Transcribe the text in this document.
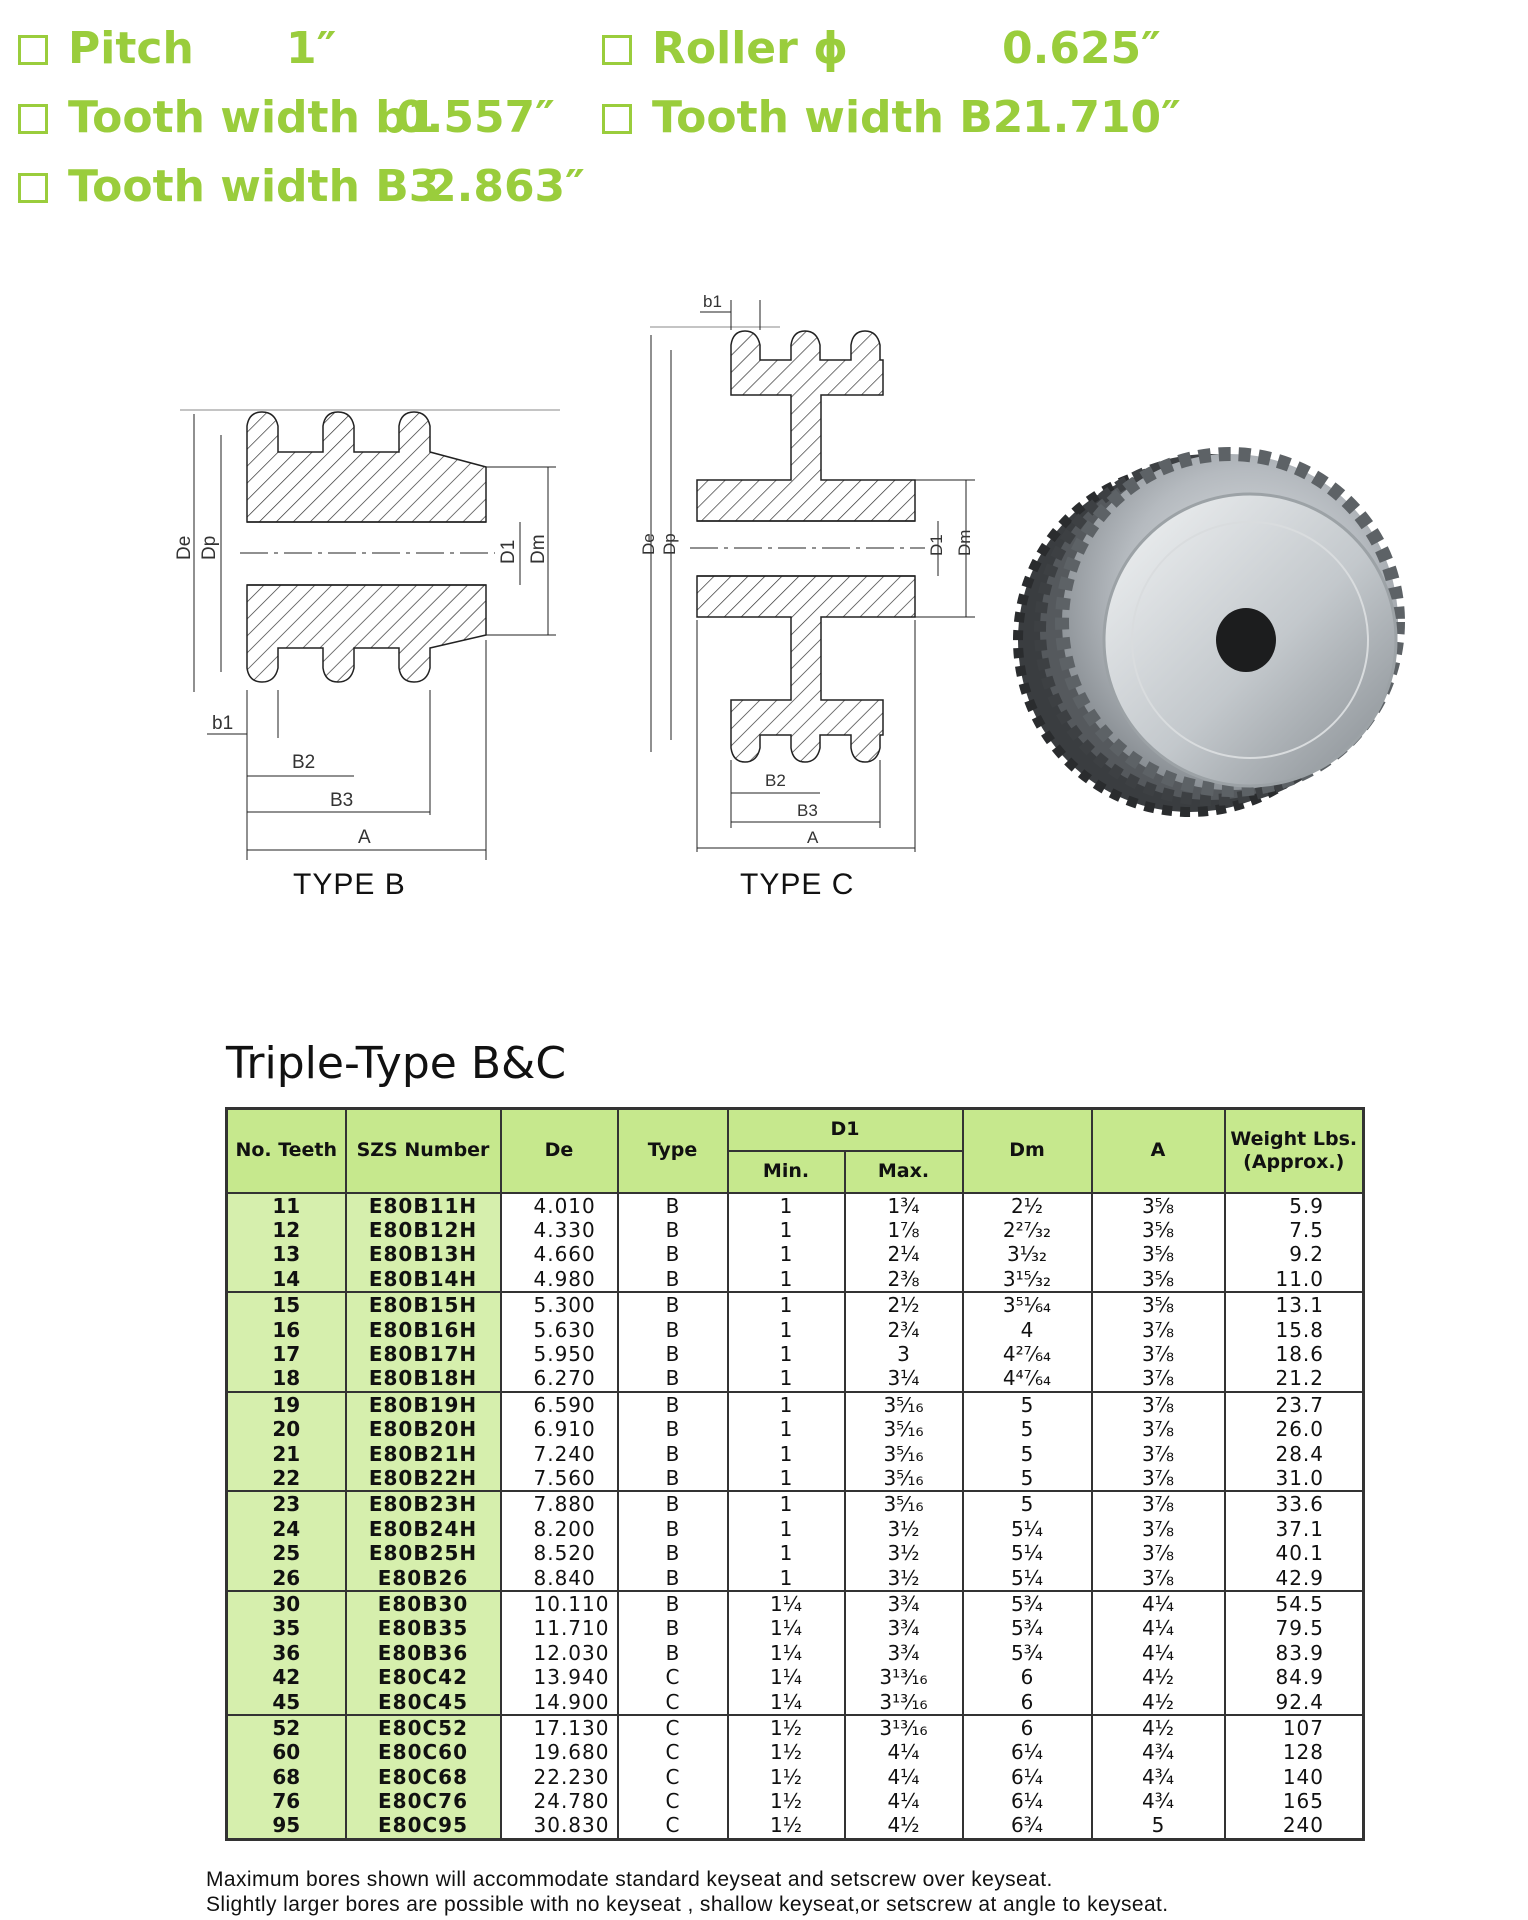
Pitch 1″	Roller ϕ	0.625″
Tooth width b1
0.557″	Tooth width B2
1.710″
Tooth width B3
2.863″
De Dp	D1 Dm
b1
B2
B3
A
De Dp	D1 Dm
b1
B2
B3
A
TYPE B	TYPE C
Triple-Type B&C
No. Teeth	SZS Number	De	Type	D1		Dm	A	Weight Lbs. (Approx.)
				Min.	Max.			
11	E80B11H	4.010	B	1	1¾	2½	3⅝	5.9
12	E80B12H	4.330	B	1	1⅞	2²⁷⁄₃₂	3⅝	7.5
13	E80B13H	4.660	B	1	2¼	3⅟₃₂	3⅝	9.2
14	E80B14H	4.980	B	1	2⅜	3¹⁵⁄₃₂	3⅝	11.0
15	E80B15H	5.300	B	1	2½	3⁵¹⁄₆₄	3⅝	13.1
16	E80B16H	5.630	B	1	2¾	4	3⅞	15.8
17	E80B17H	5.950	B	1	3	4²⁷⁄₆₄	3⅞	18.6
18	E80B18H	6.270	B	1	3¼	4⁴⁷⁄₆₄	3⅞	21.2
19	E80B19H	6.590	B	1	3⁵⁄₁₆	5	3⅞	23.7
20	E80B20H	6.910	B	1	3⁵⁄₁₆	5	3⅞	26.0
21	E80B21H	7.240	B	1	3⁵⁄₁₆	5	3⅞	28.4
22	E80B22H	7.560	B	1	3⁵⁄₁₆	5	3⅞	31.0
23	E80B23H	7.880	B	1	3⁵⁄₁₆	5	3⅞	33.6
24	E80B24H	8.200	B	1	3½	5¼	3⅞	37.1
25	E80B25H	8.520	B	1	3½	5¼	3⅞	40.1
26	E80B26	8.840	B	1	3½	5¼	3⅞	42.9
30	E80B30	10.110	B	1¼	3¾	5¾	4¼	54.5
35	E80B35	11.710	B	1¼	3¾	5¾	4¼	79.5
36	E80B36	12.030	B	1¼	3¾	5¾	4¼	83.9
42	E80C42	13.940	C	1¼	3¹³⁄₁₆	6	4½	84.9
45	E80C45	14.900	C	1¼	3¹³⁄₁₆	6	4½	92.4
52	E80C52	17.130	C	1½	3¹³⁄₁₆	6	4½	107
60	E80C60	19.680	C	1½	4¼	6¼	4¾	128
68	E80C68	22.230	C	1½	4¼	6¼	4¾	140
76	E80C76	24.780	C	1½	4¼	6¼	4¾	165
95	E80C95	30.830	C	1½	4½	6¾	5	240
Maximum bores shown will accommodate standard keyseat and setscrew over keyseat.
Slightly larger bores are possible with no keyseat , shallow keyseat,or setscrew at angle to keyseat.
